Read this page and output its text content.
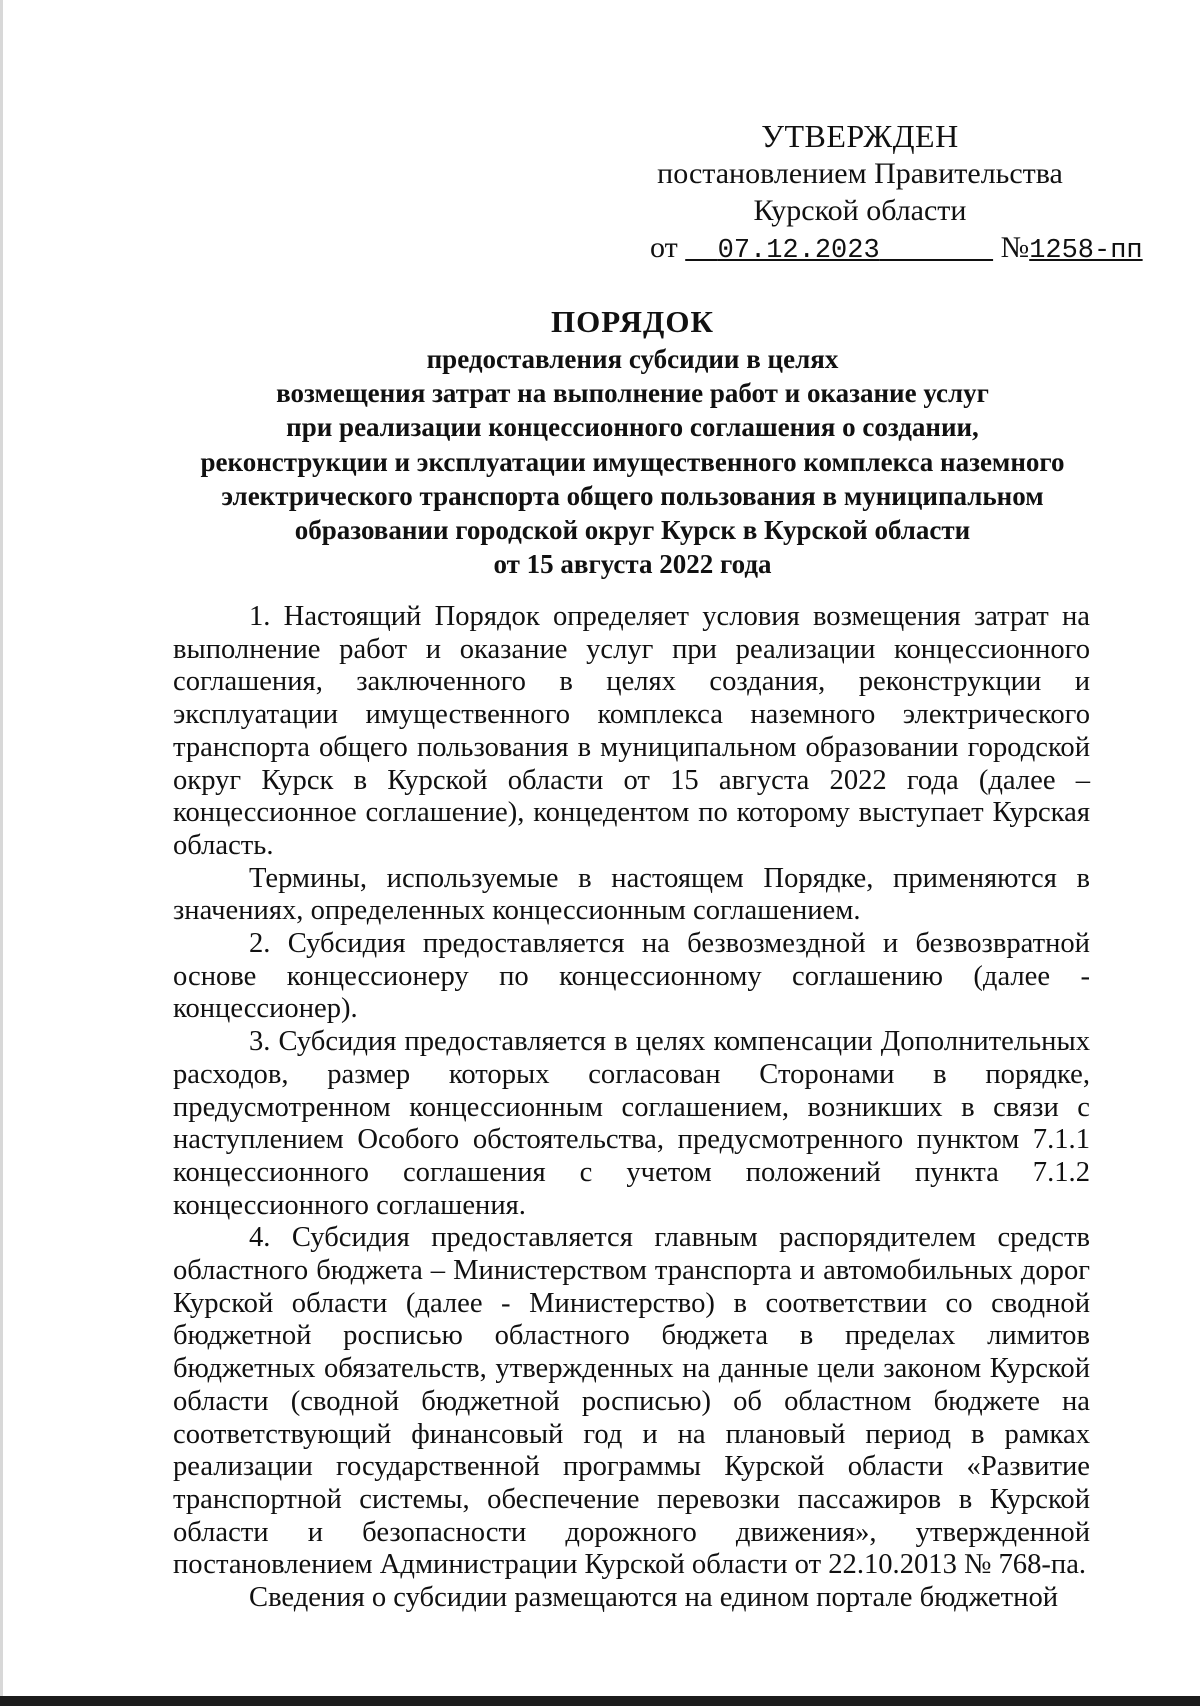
УТВЕРЖДЕН
постановлением Правительства
Курской области
от 07.12.2023	№1258-пп
ПОРЯДОК
предоставления субсидии в целях
возмещения затрат на выполнение работ и оказание услуг
при реализации концессионного соглашения о создании,
реконструкции и эксплуатации имущественного комплекса наземного
электрического транспорта общего пользования в муниципальном
образовании городской округ Курск в Курской области
от 15 августа 2022 года

1. Настоящий Порядок определяет условия возмещения затрат на выполнение работ и оказание услуг при реализации концессионного соглашения, заключенного в целях создания, реконструкции и эксплуатации имущественного комплекса наземного электрического транспорта общего пользования в муниципальном образовании городской округ Курск в Курской области от 15 августа 2022 года (далее – концессионное соглашение), концедентом по которому выступает Курская область.

Термины, используемые в настоящем Порядке, применяются в значениях, определенных концессионным соглашением.

2. Субсидия предоставляется на безвозмездной и безвозвратной основе концессионеру по концессионному соглашению (далее - концессионер).

3. Субсидия предоставляется в целях компенсации Дополнительных расходов, размер которых согласован Сторонами в порядке, предусмотренном концессионным соглашением, возникших в связи с наступлением Особого обстоятельства, предусмотренного пунктом 7.1.1 концессионного соглашения с учетом положений пункта 7.1.2 концессионного соглашения.

4. Субсидия предоставляется главным распорядителем средств областного бюджета – Министерством транспорта и автомобильных дорог Курской области (далее - Министерство) в соответствии со сводной бюджетной росписью областного бюджета в пределах лимитов бюджетных обязательств, утвержденных на данные цели законом Курской области (сводной бюджетной росписью) об областном бюджете на соответствующий финансовый год и на плановый период в рамках реализации государственной программы Курской области «Развитие транспортной системы, обеспечение перевозки пассажиров в Курской области и безопасности дорожного движения», утвержденной постановлением Администрации Курской области от 22.10.2013 № 768-па.

Сведения о субсидии размещаются на едином портале бюджетной
